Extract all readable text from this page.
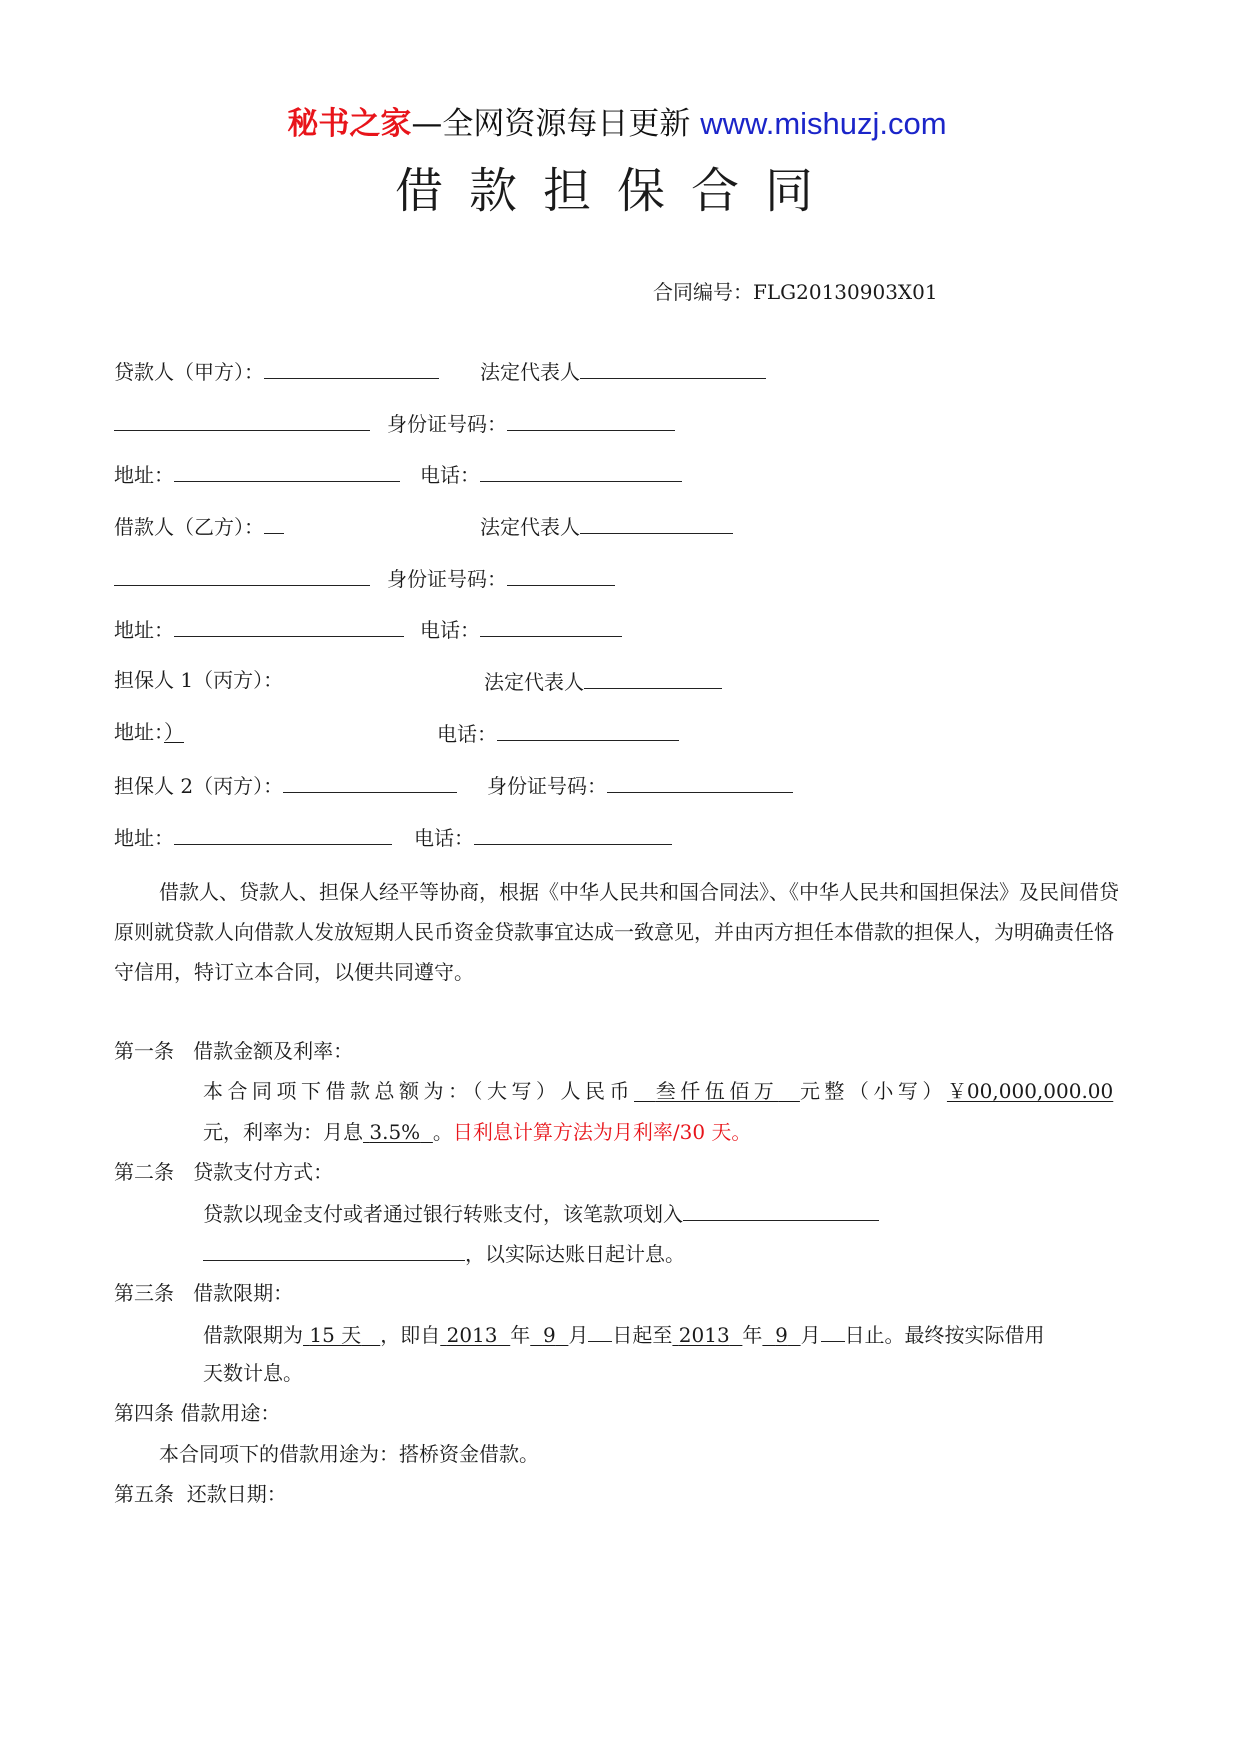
秘书之家—全网资源每日更新 www.mishuzj.com
借款担保合同
合同编号：FLG20130903X01
贷款人（甲方）：	法定代表人
身份证号码：
地址：	电话：
借款人（乙方）：	法定代表人
身份证号码：
地址：	电话：
担保人 1（丙方）：	法定代表人
地址：）	电话：
担保人 2（丙方）：	身份证号码：
地址：	电话：
借款人、贷款人、担保人经平等协商，根据《中华人民共和国合同法》、《中华人民共和国担保法》及民间借贷原则就贷款人向借款人发放短期人民币资金贷款事宜达成一致意见，并由丙方担任本借款的担保人，为明确责任恪守信用，特订立本合同，以便共同遵守。
第一条 借款金额及利率：
本合同项下借款总额为：（大写）人民币 叁仟伍佰万 元整（小写）￥00,000,000.00
元，利率为：月息 3.5% 。日利息计算方法为月利率/30 天。
第二条 贷款支付方式：
贷款以现金支付或者通过银行转账支付，该笔款项划入
，以实际达账日起计息。
第三条 借款限期：
借款限期为 15 天 ，即自 2013 年 9 月 日起至 2013 年 9 月 日止。最终按实际借用
天数计息。
第四条 借款用途：
本合同项下的借款用途为：搭桥资金借款。
第五条 还款日期：
